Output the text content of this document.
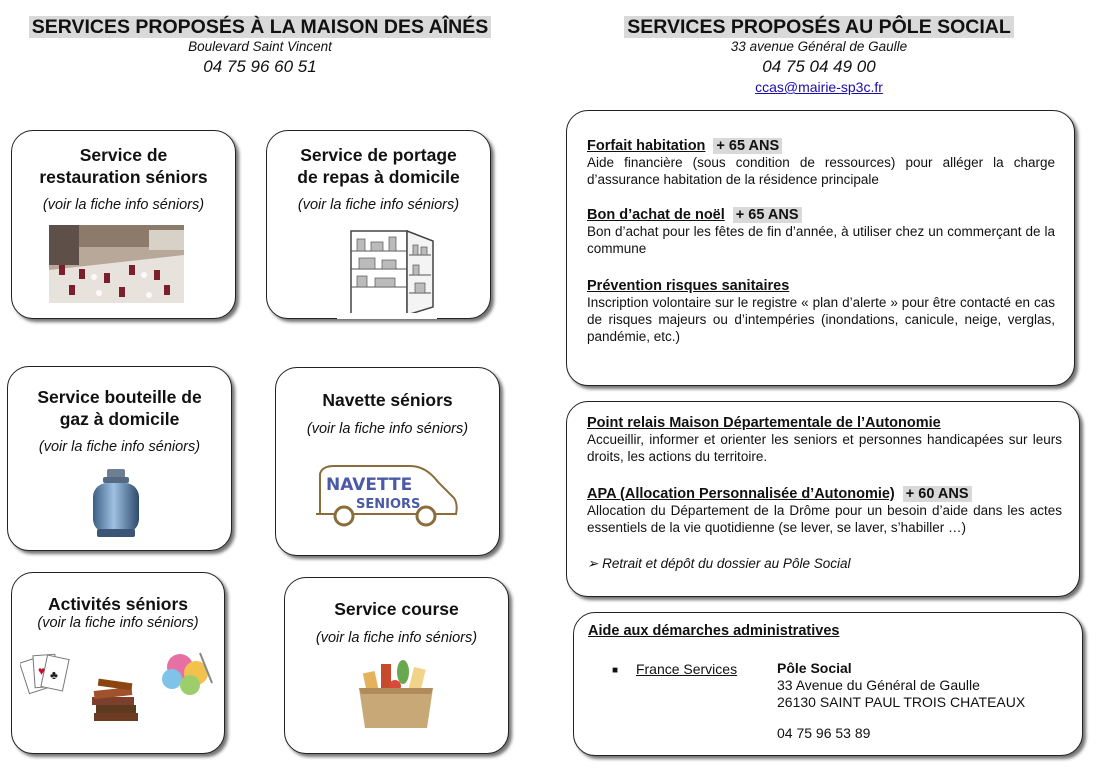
SERVICES PROPOSÉS À LA MAISON DES AÎNÉS
Boulevard Saint Vincent
04 75 96 60 51
SERVICES PROPOSÉS AU PÔLE SOCIAL
33 avenue Général de Gaulle
04 75 04 49 00
ccas@mairie-sp3c.fr
Service de
restauration séniors
(voir la fiche info séniors)
Service de portage
de repas à domicile
(voir la fiche info séniors)
Service bouteille de
gaz à domicile
(voir la fiche info séniors)
Navette séniors
(voir la fiche info séniors)
NAVETTE
SENIORS
Activités séniors
(voir la fiche info séniors)
♥ ♣
Service course
(voir la fiche info séniors)
Forfait habitation + 65 ANS
Aide financière (sous condition de ressources) pour alléger la charge d’assurance habitation de la résidence principale
Bon d’achat de noël + 65 ANS
Bon d’achat pour les fêtes de fin d’année, à utiliser chez un commerçant de la commune
Prévention risques sanitaires
Inscription volontaire sur le registre « plan d’alerte » pour être contacté en cas de risques majeurs ou d’intempéries (inondations, canicule, neige, verglas, pandémie, etc.)
Point relais Maison Départementale de l’Autonomie
Accueillir, informer et orienter les seniors et personnes handicapées sur leurs droits, les actions du territoire.
APA (Allocation Personnalisée d’Autonomie) + 60 ANS
Allocation du Département de la Drôme pour un besoin d’aide dans les actes essentiels de la vie quotidienne (se lever, se laver, s’habiller …)
➢ Retrait et dépôt du dossier au Pôle Social
Aide aux démarches administratives
■ France Services	Pôle Social
33 Avenue du Général de Gaulle
26130 SAINT PAUL TROIS CHATEAUX
04 75 96 53 89
